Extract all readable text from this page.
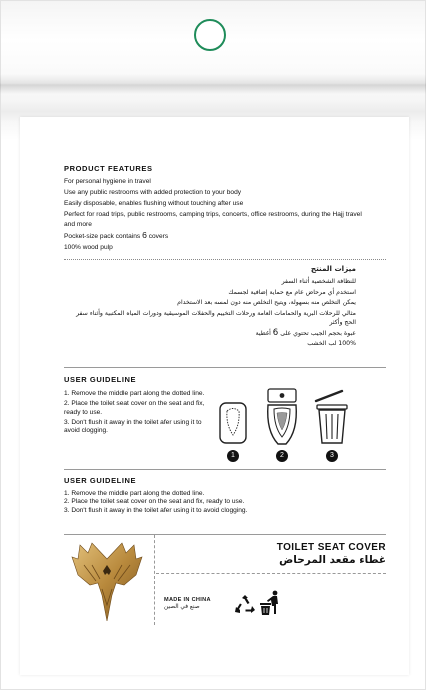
PRODUCT FEATURES

For personal hygiene in travel

Use any public restrooms with added protection to your body

Easily disposable, enables flushing without touching after use

Perfect for road trips, public restrooms, camping trips, concerts, office restrooms, during the Hajj travel and more

Pocket-size pack contains 6 covers

100% wood pulp

ميزات المنتج

للنظافة الشخصية أثناء السفر

استخدم أي مرحاض عام مع حماية إضافية لجسمك

يمكن التخلص منه بسهولة، ويتيح التخلص منه دون لمسه بعد الاستخدام

مثالي للرحلات البرية والحمامات العامة ورحلات التخييم والحفلات الموسيقية ودورات المياه المكتبية وأثناء سفر الحج وأكثر

عبوة بحجم الجيب تحتوي على 6 أغطية

100% لب الخشب

USER GUIDELINE

1. Remove the middle part along the dotted line.

2. Place the toilet seat cover on the seat and fix, ready to use.

3. Don't flush it away in the toilet afer using it to avoid clogging.

1	2	3
USER GUIDELINE

1. Remove the middle part along the dotted line.

2. Place the toilet seat cover on the seat and fix, ready to use.

3. Don't flush it away in the toilet afer using it to avoid clogging.

TOILET SEAT COVER
غطاء مقعد المرحاض
MADE IN CHINA
صنع في الصين
